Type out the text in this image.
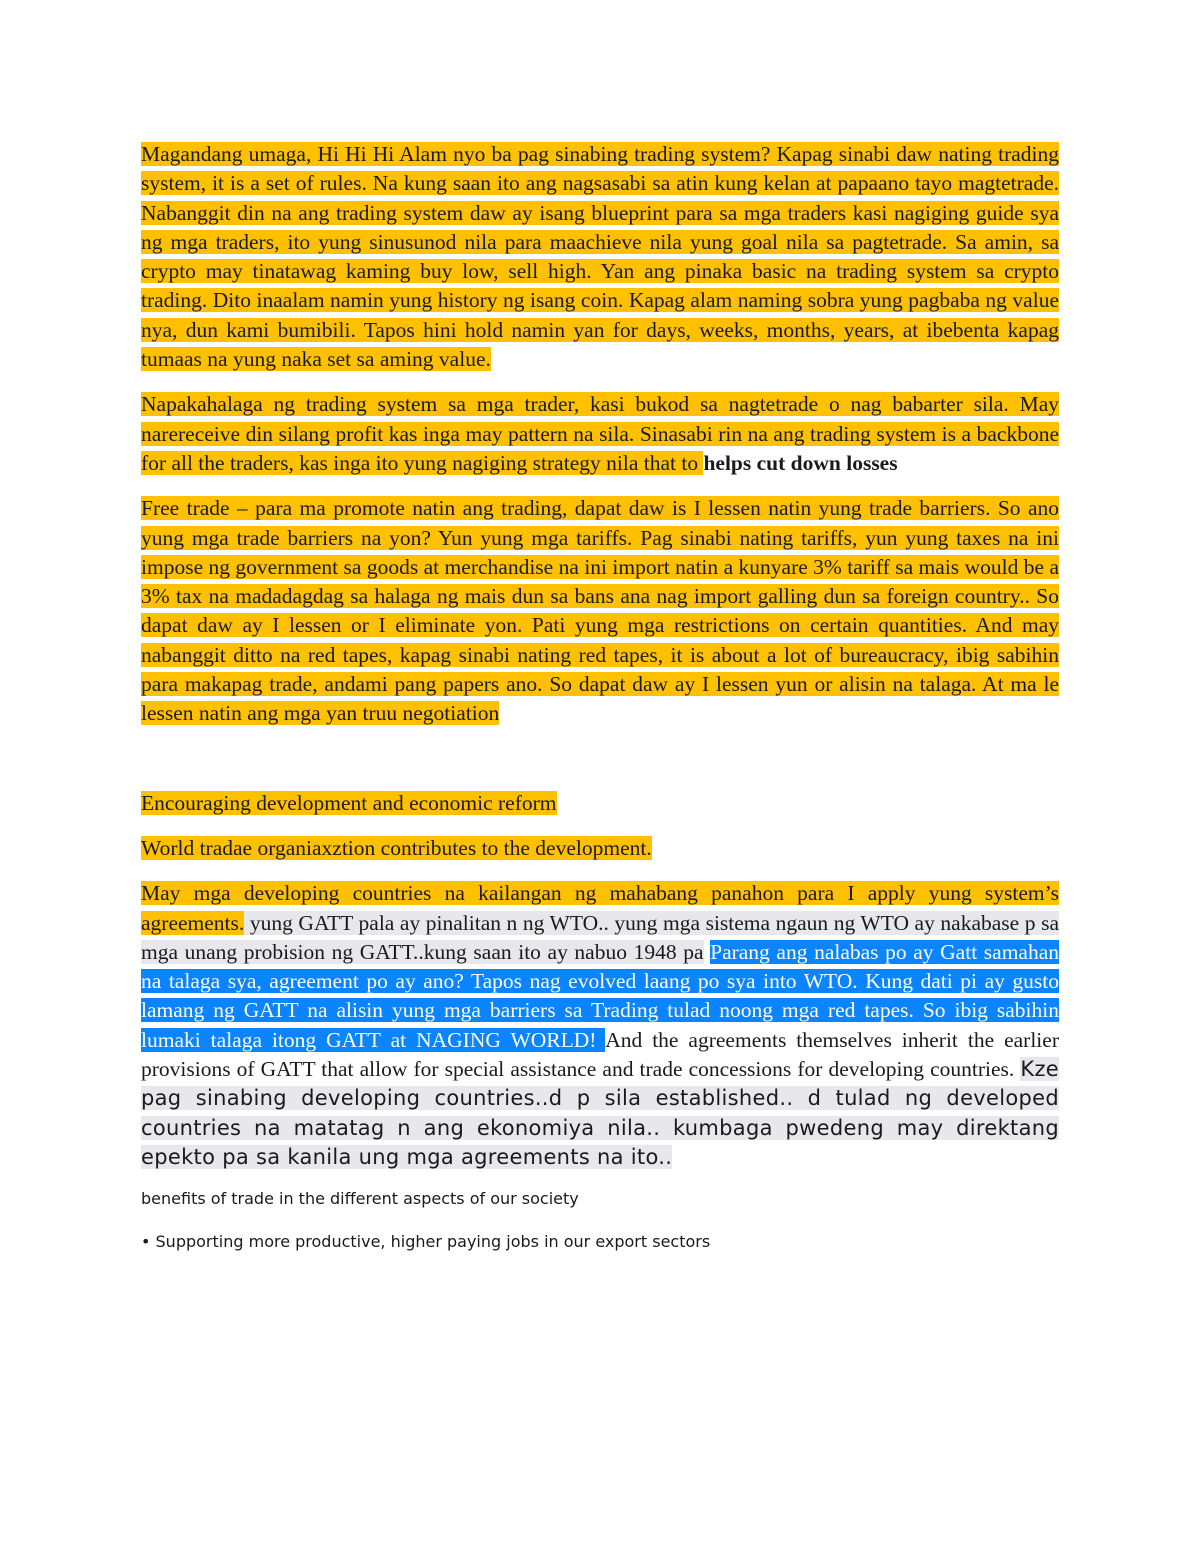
Magandang umaga, Hi Hi Hi Alam nyo ba pag sinabing trading system? Kapag sinabi daw nating trading system, it is a set of rules. Na kung saan ito ang nagsasabi sa atin kung kelan at papaano tayo magtetrade. Nabanggit din na ang trading system daw ay isang blueprint para sa mga traders kasi nagiging guide sya ng mga traders, ito yung sinusunod nila para maachieve nila yung goal nila sa pagtetrade. Sa amin, sa crypto may tinatawag kaming buy low, sell high. Yan ang pinaka basic na trading system sa crypto trading. Dito inaalam namin yung history ng isang coin. Kapag alam naming sobra yung pagbaba ng value nya, dun kami bumibili. Tapos hini hold namin yan for days, weeks, months, years, at ibebenta kapag tumaas na yung naka set sa aming value.

Napakahalaga ng trading system sa mga trader, kasi bukod sa nagtetrade o nag babarter sila. May narereceive din silang profit kas inga may pattern na sila. Sinasabi rin na ang trading system is a backbone for all the traders, kas inga ito yung nagiging strategy nila that to helps cut down losses

Free trade – para ma promote natin ang trading, dapat daw is I lessen natin yung trade barriers. So ano yung mga trade barriers na yon? Yun yung mga tariffs. Pag sinabi nating tariffs, yun yung taxes na ini impose ng government sa goods at merchandise na ini import natin a kunyare 3% tariff sa mais would be a 3% tax na madadagdag sa halaga ng mais dun sa bans ana nag import galling dun sa foreign country.. So dapat daw ay I lessen or I eliminate yon. Pati yung mga restrictions on certain quantities. And may nabanggit ditto na red tapes, kapag sinabi nating red tapes, it is about a lot of bureaucracy, ibig sabihin para makapag trade, andami pang papers ano. So dapat daw ay I lessen yun or alisin na talaga. At ma le lessen natin ang mga yan truu negotiation

Encouraging development and economic reform

World tradae organiaxztion contributes to the development.

May mga developing countries na kailangan ng mahabang panahon para I apply yung system’s agreements. yung GATT pala ay pinalitan n ng WTO.. yung mga sistema ngaun ng WTO ay nakabase p sa mga unang probision ng GATT..kung saan ito ay nabuo 1948 pa Parang ang nalabas po ay Gatt samahan na talaga sya, agreement po ay ano? Tapos nag evolved laang po sya into WTO. Kung dati pi ay gusto lamang ng GATT na alisin yung mga barriers sa Trading tulad noong mga red tapes. So ibig sabihin lumaki talaga itong GATT at NAGING WORLD! And the agreements themselves inherit the earlier provisions of GATT that allow for special assistance and trade concessions for developing countries. Kze pag sinabing developing countries..d p sila established.. d tulad ng developed countries na matatag n ang ekonomiya nila.. kumbaga pwedeng may direktang epekto pa sa kanila ung mga agreements na ito..

benefits of trade in the different aspects of our society

• Supporting more productive, higher paying jobs in our export sectors
